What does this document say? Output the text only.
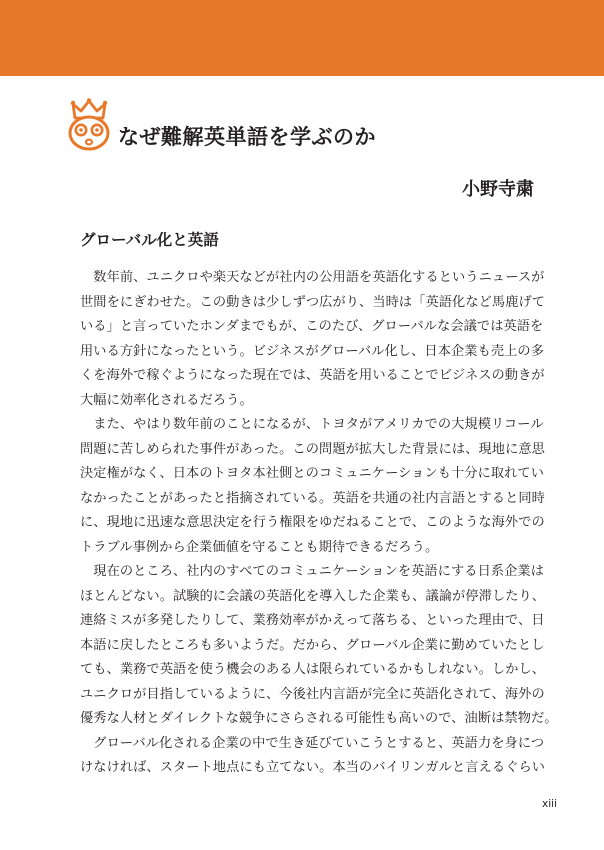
なぜ難解英単語を学ぶのか
小野寺粛
グローバル化と英語
　数年前、ユニクロや楽天などが社内の公用語を英語化するというニュースが
世間をにぎわせた。この動きは少しずつ広がり、当時は「英語化など馬鹿げて
いる」と言っていたホンダまでもが、このたび、グローバルな会議では英語を
用いる方針になったという。ビジネスがグローバル化し、日本企業も売上の多
くを海外で稼ぐようになった現在では、英語を用いることでビジネスの動きが
大幅に効率化されるだろう。
　また、やはり数年前のことになるが、トヨタがアメリカでの大規模リコール
問題に苦しめられた事件があった。この問題が拡大した背景には、現地に意思
決定権がなく、日本のトヨタ本社側とのコミュニケーションも十分に取れてい
なかったことがあったと指摘されている。英語を共通の社内言語とすると同時
に、現地に迅速な意思決定を行う権限をゆだねることで、このような海外での
トラブル事例から企業価値を守ることも期待できるだろう。
　現在のところ、社内のすべてのコミュニケーションを英語にする日系企業は
ほとんどない。試験的に会議の英語化を導入した企業も、議論が停滞したり、
連絡ミスが多発したりして、業務効率がかえって落ちる、といった理由で、日
本語に戻したところも多いようだ。だから、グローバル企業に勤めていたとし
ても、業務で英語を使う機会のある人は限られているかもしれない。しかし、
ユニクロが目指しているように、今後社内言語が完全に英語化されて、海外の
優秀な人材とダイレクトな競争にさらされる可能性も高いので、油断は禁物だ。
　グローバル化される企業の中で生き延びていこうとすると、英語力を身につ
けなければ、スタート地点にも立てない。本当のバイリンガルと言えるぐらい
xiii
